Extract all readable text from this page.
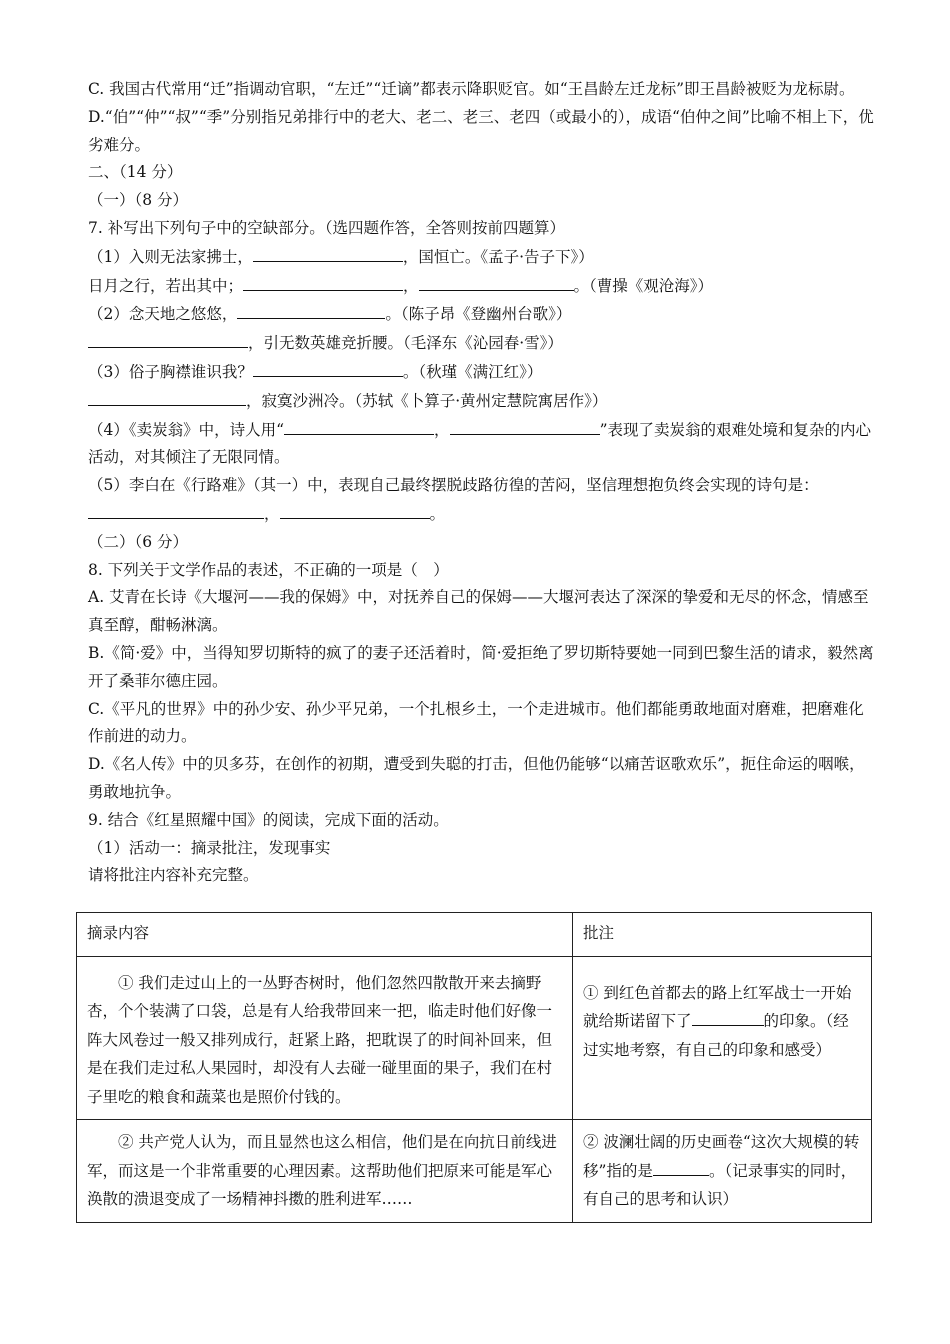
C. 我国古代常用“迁”指调动官职，“左迁”“迁谪”都表示降职贬官。如“王昌龄左迁龙标”即王昌龄被贬为龙标尉。

D.“伯”“仲”“叔”“季”分别指兄弟排行中的老大、老二、老三、老四（或最小的），成语“伯仲之间”比喻不相上下，优劣难分。

二、（14 分）

（一）（8 分）

7. 补写出下列句子中的空缺部分。（选四题作答，全答则按前四题算）

（1）入则无法家拂士，	，国恒亡。《孟子·告子下》）

日月之行，若出其中；	，	。（曹操《观沧海》）

（2）念天地之悠悠，	。（陈子昂《登幽州台歌》）

，引无数英雄竞折腰。（毛泽东《沁园春·雪》）

（3）俗子胸襟谁识我？	。（秋瑾《满江红》）

，寂寞沙洲冷。（苏轼《卜算子·黄州定慧院寓居作》）

（4）《卖炭翁》中，诗人用“	，	”表现了卖炭翁的艰难处境和复杂的内心活动，对其倾注了无限同情。

（5）李白在《行路难》（其一）中，表现自己最终摆脱歧路彷徨的苦闷，坚信理想抱负终会实现的诗句是：，	。

（二）（6 分）

8. 下列关于文学作品的表述，不正确的一项是（　）

A. 艾青在长诗《大堰河——我的保姆》中，对抚养自己的保姆——大堰河表达了深深的挚爱和无尽的怀念，情感至真至醇，酣畅淋漓。

B.《简·爱》中，当得知罗切斯特的疯了的妻子还活着时，简·爱拒绝了罗切斯特要她一同到巴黎生活的请求，毅然离开了桑菲尔德庄园。

C.《平凡的世界》中的孙少安、孙少平兄弟，一个扎根乡土，一个走进城市。他们都能勇敢地面对磨难，把磨难化作前进的动力。

D.《名人传》中的贝多芬，在创作的初期，遭受到失聪的打击，但他仍能够“以痛苦讴歌欢乐”，扼住命运的咽喉，勇敢地抗争。

9. 结合《红星照耀中国》的阅读，完成下面的活动。

（1）活动一：摘录批注，发现事实

请将批注内容补充完整。

摘录内容	批注
① 我们走过山上的一丛野杏树时，他们忽然四散散开来去摘野杏，个个装满了口袋，总是有人给我带回来一把，临走时他们好像一阵大风卷过一般又排列成行，赶紧上路，把耽误了的时间补回来，但是在我们走过私人果园时，却没有人去碰一碰里面的果子，我们在村子里吃的粮食和蔬菜也是照价付钱的。	① 到红色首都去的路上红军战士一开始就给斯诺留下了 的印象。（经过实地考察，有自己的印象和感受）
② 共产党人认为，而且显然也这么相信，他们是在向抗日前线进军，而这是一个非常重要的心理因素。这帮助他们把原来可能是军心涣散的溃退变成了一场精神抖擞的胜利进军……	② 波澜壮阔的历史画卷“这次大规模的转移”指的是 。（记录事实的同时，有自己的思考和认识）
